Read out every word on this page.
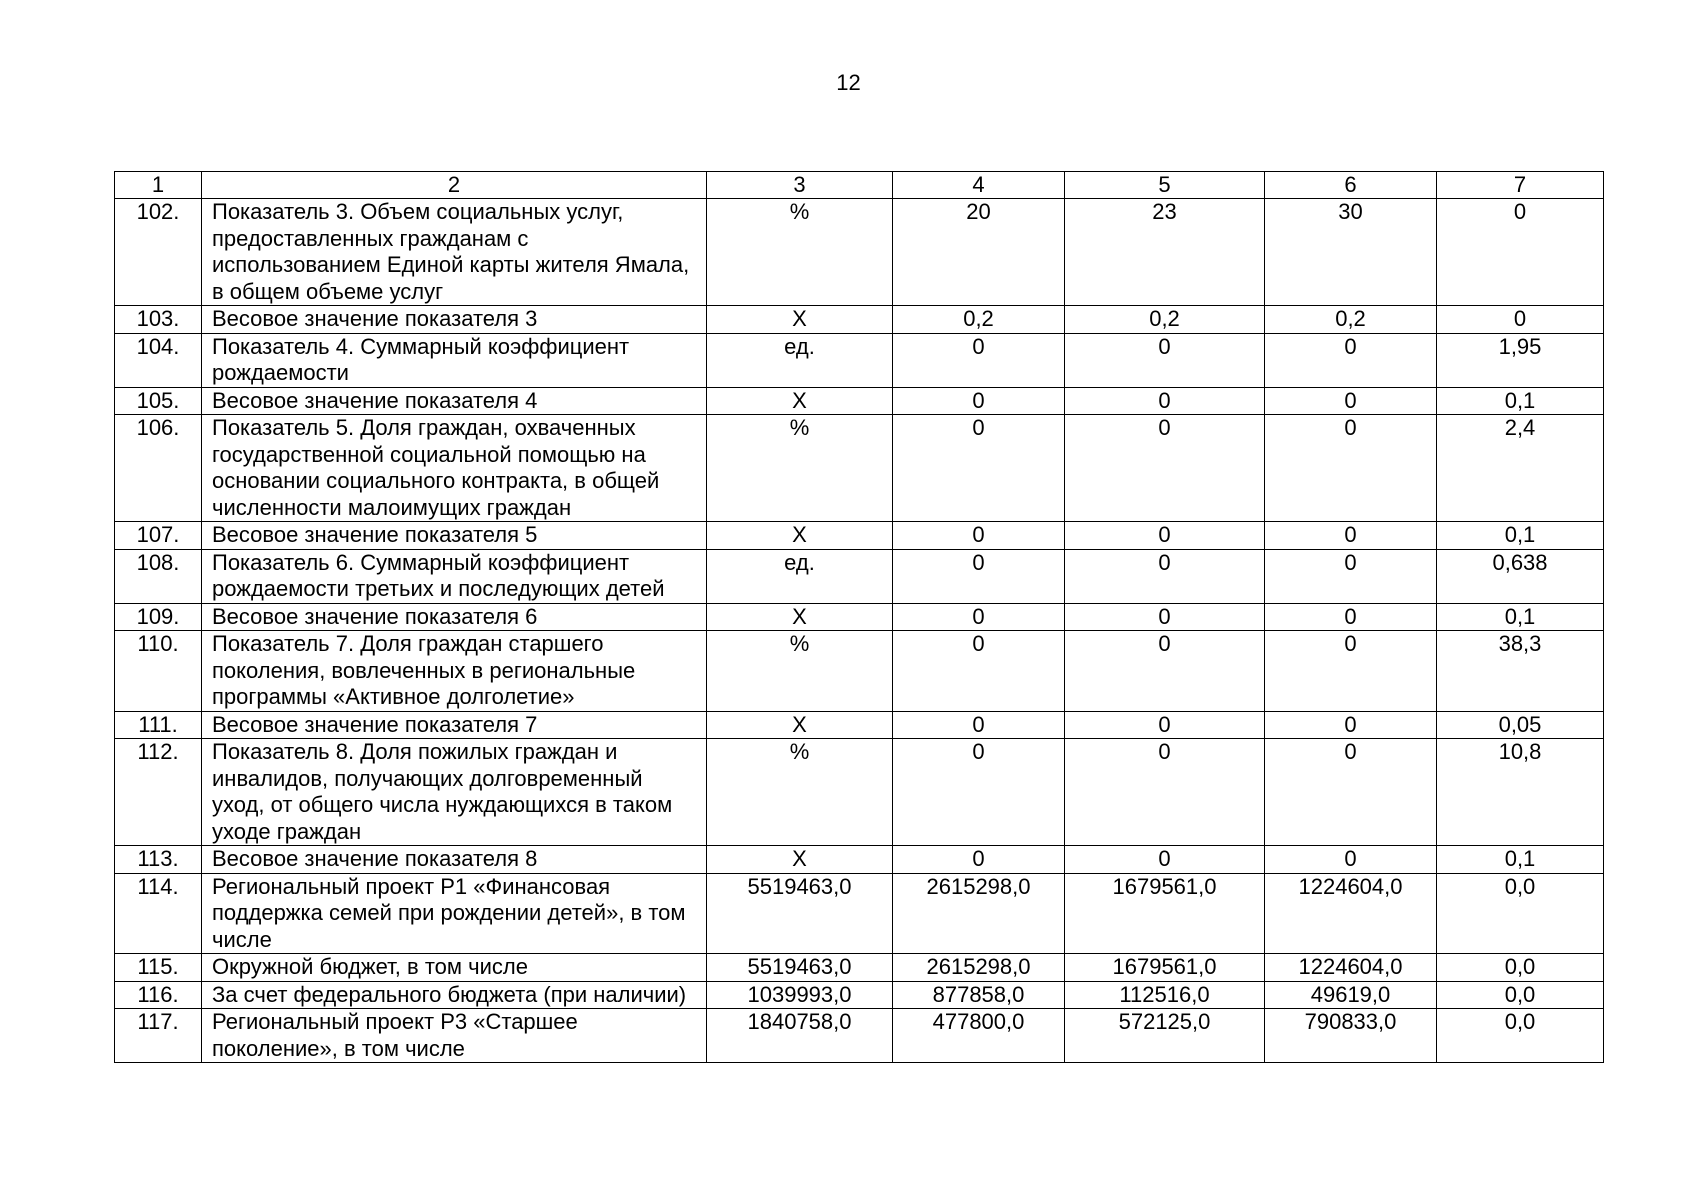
12
1	2	3	4	5	6	7
102.	Показатель 3. Объем социальных услуг, предоставленных гражданам с использованием Единой карты жителя Ямала, в общем объеме услуг	%	20	23	30	0
103.	Весовое значение показателя 3	Х	0,2	0,2	0,2	0
104.	Показатель 4. Суммарный коэффициент рождаемости	ед.	0	0	0	1,95
105.	Весовое значение показателя 4	Х	0	0	0	0,1
106.	Показатель 5. Доля граждан, охваченных государственной социальной помощью на основании социального контракта, в общей численности малоимущих граждан	%	0	0	0	2,4
107.	Весовое значение показателя 5	Х	0	0	0	0,1
108.	Показатель 6. Суммарный коэффициент рождаемости третьих и последующих детей	ед.	0	0	0	0,638
109.	Весовое значение показателя 6	Х	0	0	0	0,1
110.	Показатель 7. Доля граждан старшего поколения, вовлеченных в региональные программы «Активное долголетие»	%	0	0	0	38,3
111.	Весовое значение показателя 7	Х	0	0	0	0,05
112.	Показатель 8. Доля пожилых граждан и инвалидов, получающих долговременный уход, от общего числа нуждающихся в таком уходе граждан	%	0	0	0	10,8
113.	Весовое значение показателя 8	Х	0	0	0	0,1
114.	Региональный проект Р1 «Финансовая поддержка семей при рождении детей», в том числе	5519463,0	2615298,0	1679561,0	1224604,0	0,0
115.	Окружной бюджет, в том числе	5519463,0	2615298,0	1679561,0	1224604,0	0,0
116.	За счет федерального бюджета (при наличии)	1039993,0	877858,0	112516,0	49619,0	0,0
117.	Региональный проект Р3 «Старшее поколение», в том числе	1840758,0	477800,0	572125,0	790833,0	0,0
